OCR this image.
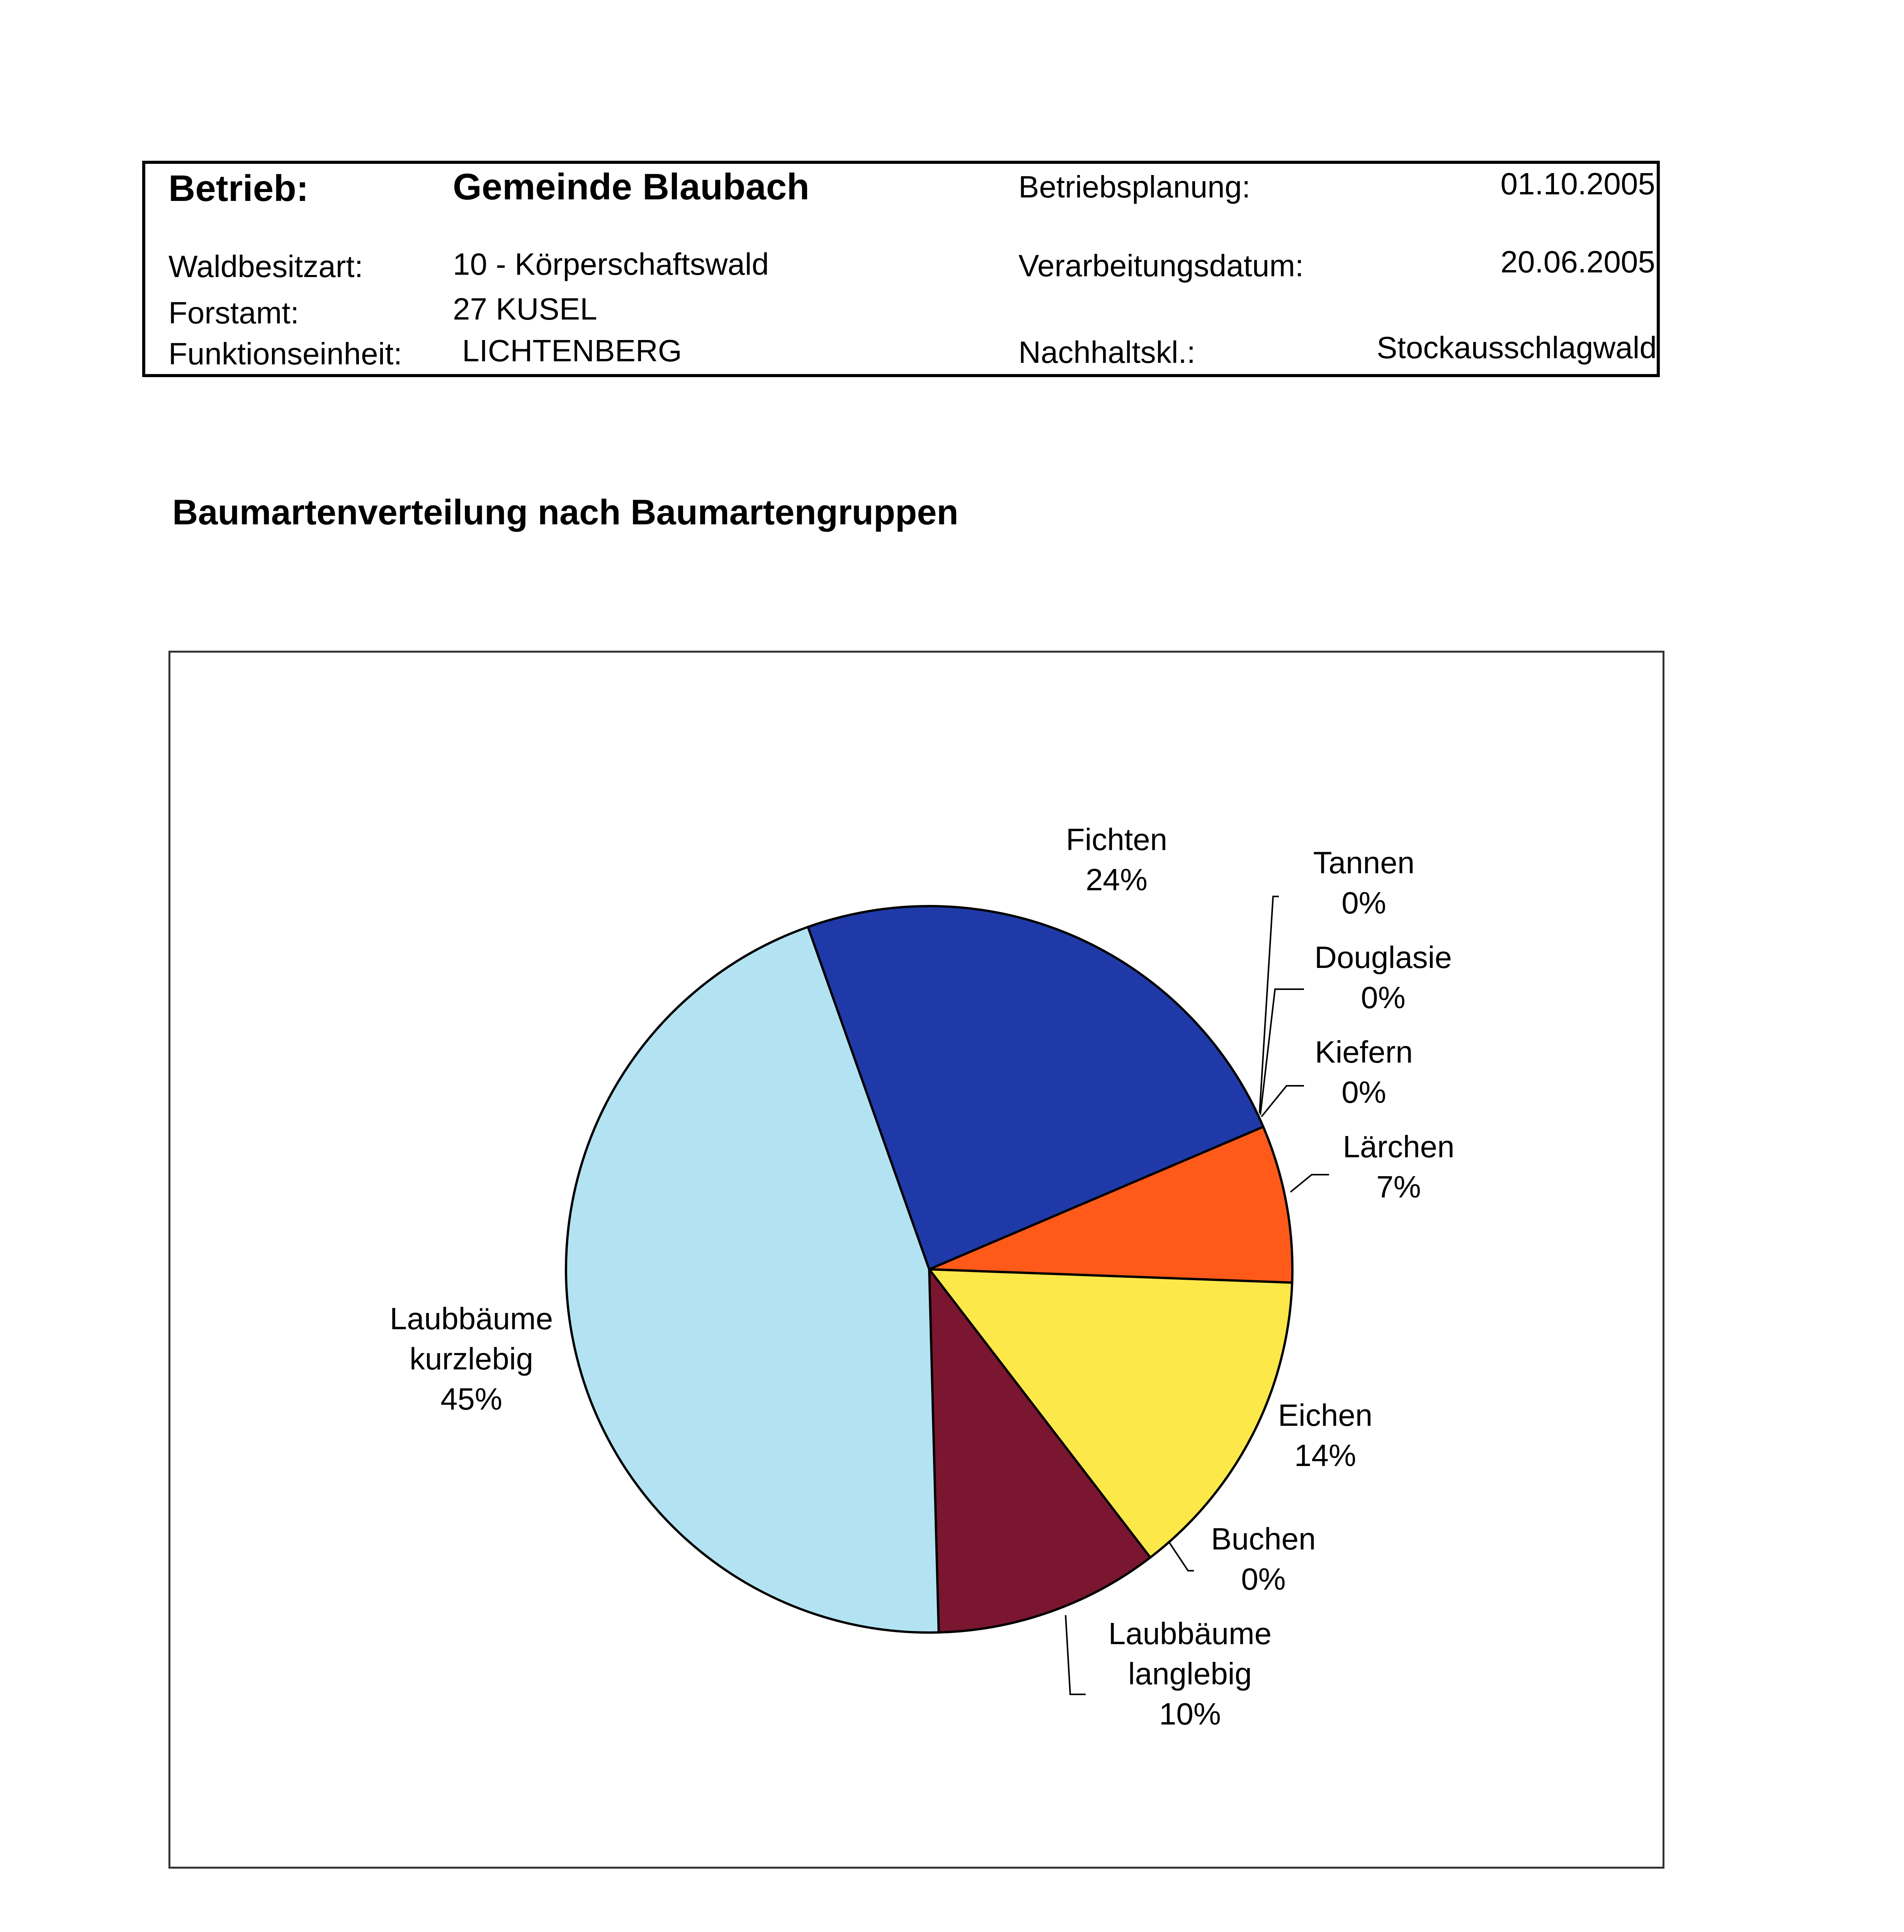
Betrieb:	Gemeinde Blaubach	Betriebsplanung:	01.10.2005
Waldbesitzart:	10 - Körperschaftswald	Verarbeitungsdatum:	20.06.2005
Forstamt:	27 KUSEL
Funktionseinheit: LICHTENBERG	Nachhaltskl.:	Stockausschlagwald
Baumartenverteilung nach Baumartengruppen
Fichten 24%	Tannen 0%
Douglasie 0%
Kiefern 0%
Lärchen 7%
Eichen 14%
Buchen 0%
Laubbäume langlebig 10%
Laubbäume kurzlebig 45%
